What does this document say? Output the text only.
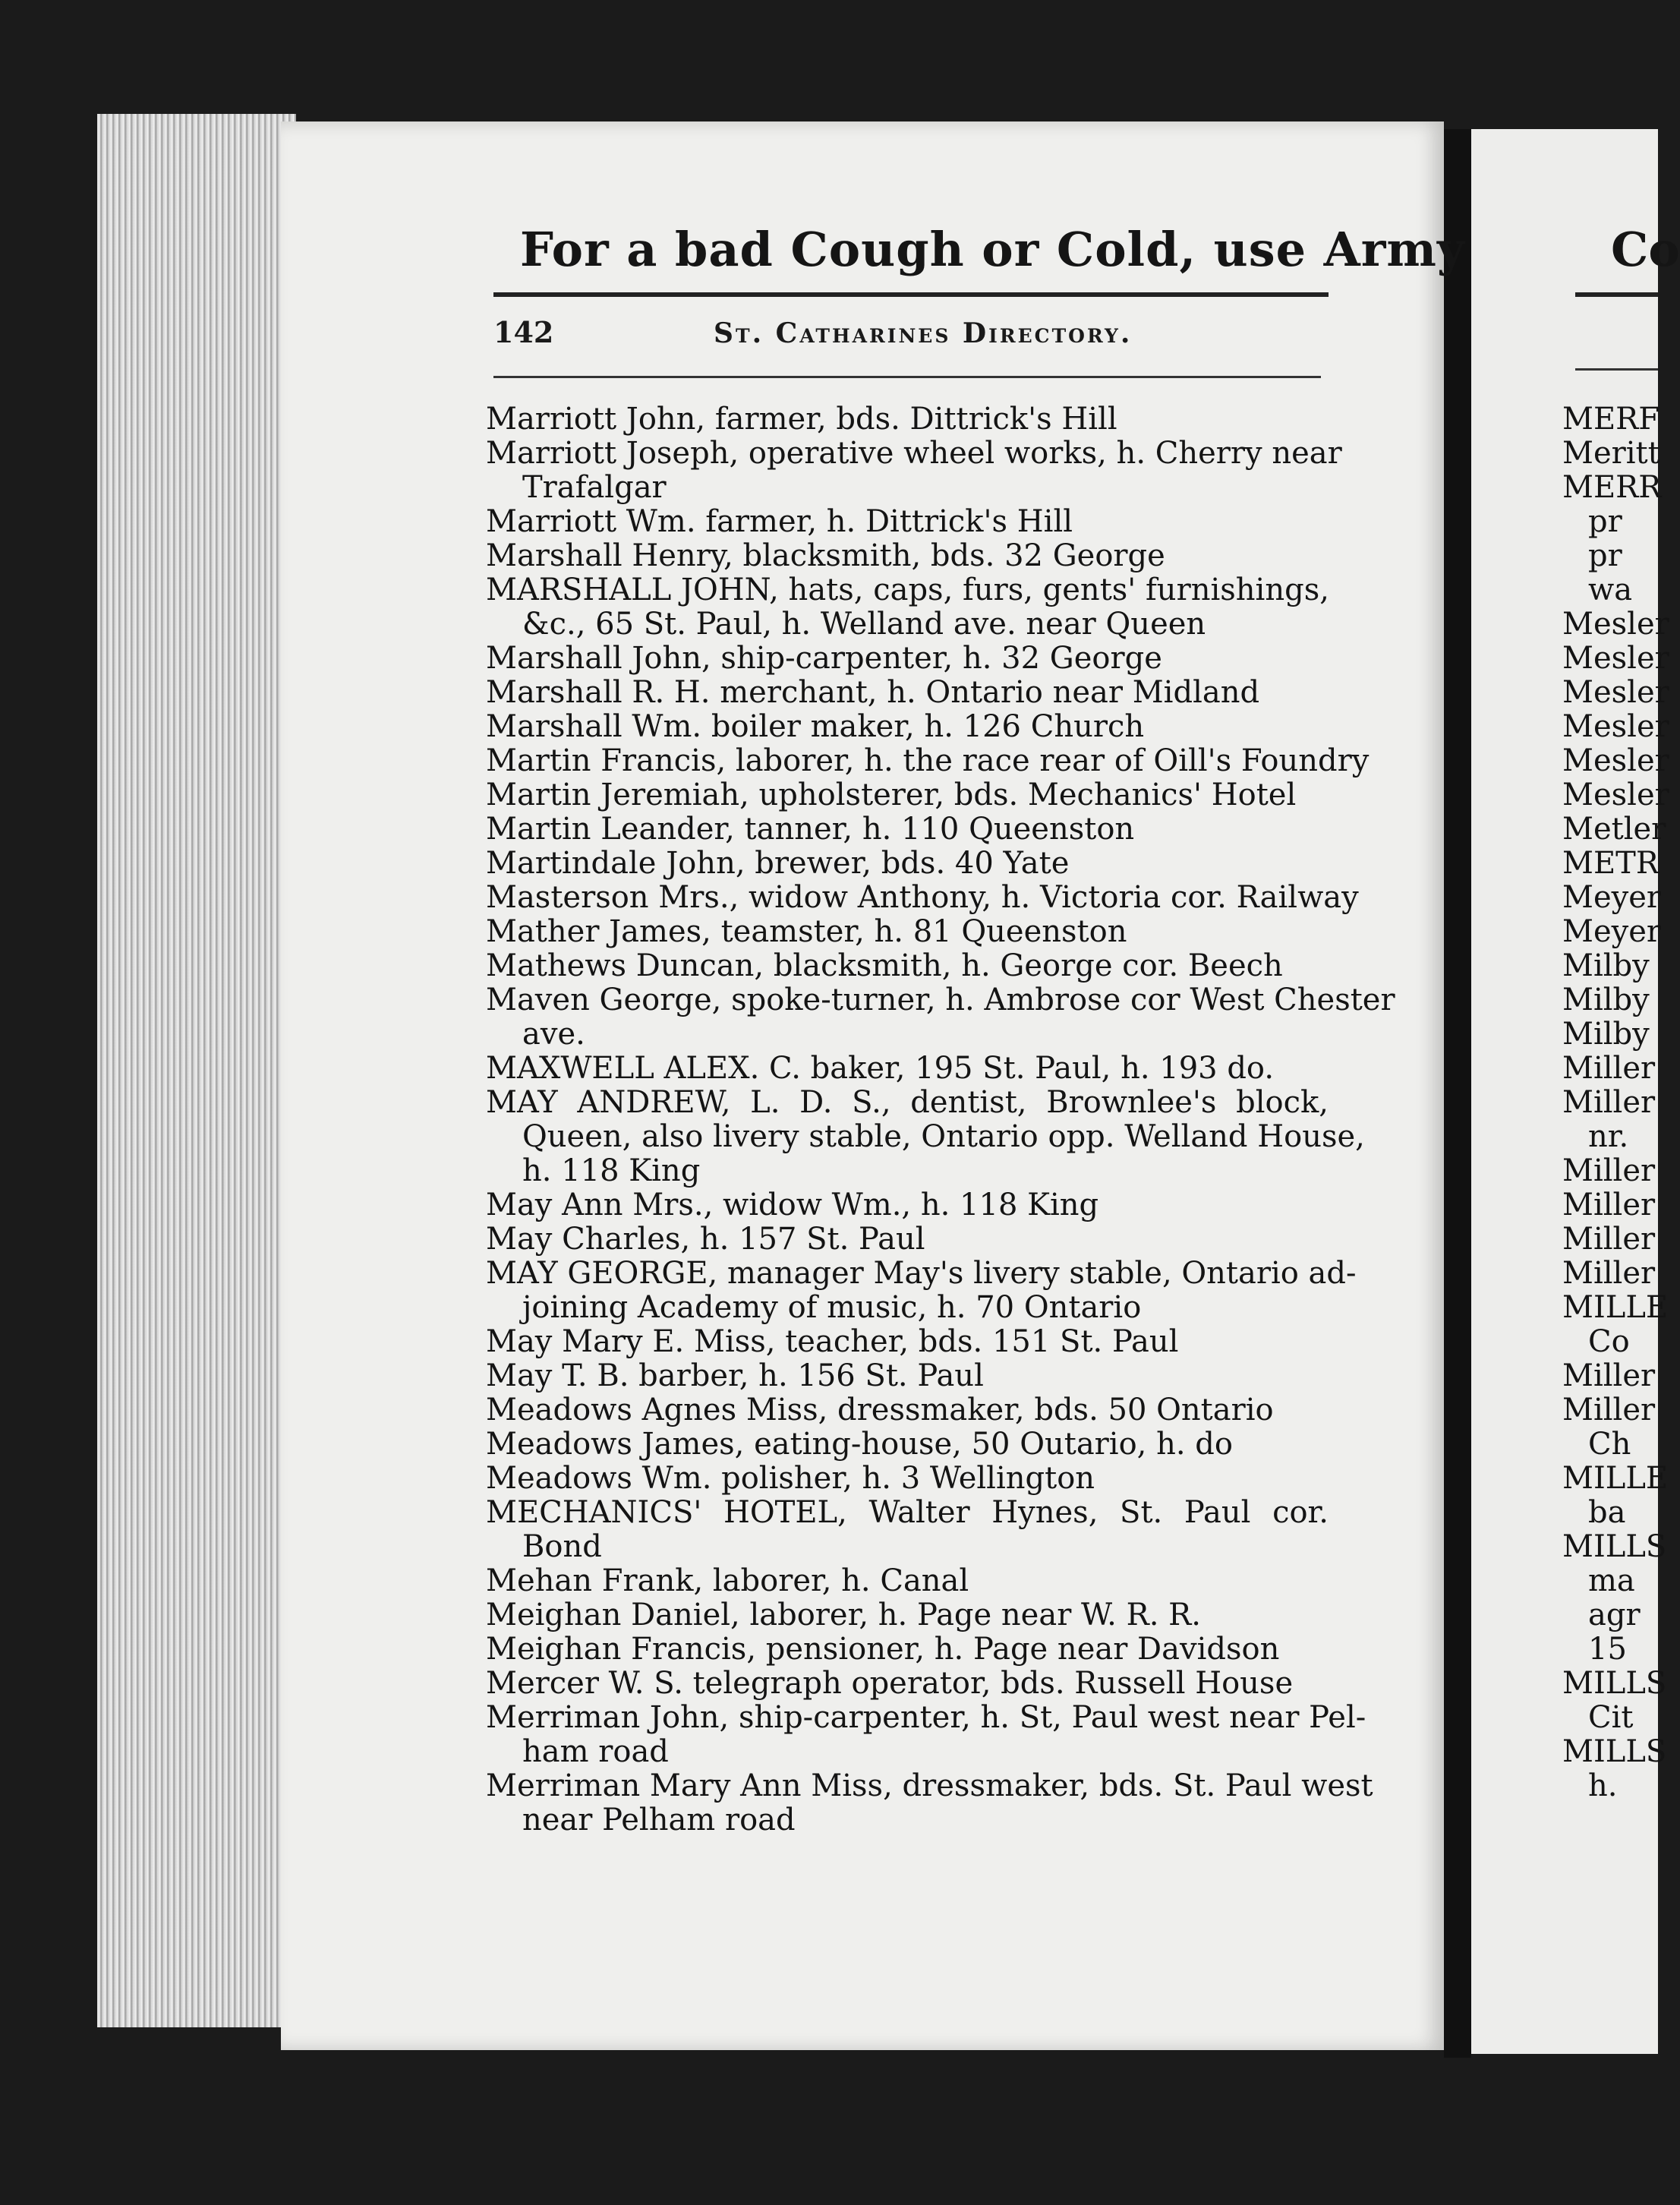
For a bad Cough or Cold, use Army
142	St. Catharines Directory.
Marriott John, farmer, bds. Dittrick's Hill
Marriott Joseph, operative wheel works, h. Cherry near
Trafalgar
Marriott Wm. farmer, h. Dittrick's Hill
Marshall Henry, blacksmith, bds. 32 George
MARSHALL JOHN, hats, caps, furs, gents' furnishings,
&c., 65 St. Paul, h. Welland ave. near Queen
Marshall John, ship-carpenter, h. 32 George
Marshall R. H. merchant, h. Ontario near Midland
Marshall Wm. boiler maker, h. 126 Church
Martin Francis, laborer, h. the race rear of Oill's Foundry
Martin Jeremiah, upholsterer, bds. Mechanics' Hotel
Martin Leander, tanner, h. 110 Queenston
Martindale John, brewer, bds. 40 Yate
Masterson Mrs., widow Anthony, h. Victoria cor. Railway
Mather James, teamster, h. 81 Queenston
Mathews Duncan, blacksmith, h. George cor. Beech
Maven George, spoke-turner, h. Ambrose cor West Chester
ave.
MAXWELL ALEX. C. baker, 195 St. Paul, h. 193 do.
MAY ANDREW, L. D. S., dentist, Brownlee's block,
Queen, also livery stable, Ontario opp. Welland House,
h. 118 King
May Ann Mrs., widow Wm., h. 118 King
May Charles, h. 157 St. Paul
MAY GEORGE, manager May's livery stable, Ontario ad-
joining Academy of music, h. 70 Ontario
May Mary E. Miss, teacher, bds. 151 St. Paul
May T. B. barber, h. 156 St. Paul
Meadows Agnes Miss, dressmaker, bds. 50 Ontario
Meadows James, eating-house, 50 Outario, h. do
Meadows Wm. polisher, h. 3 Wellington
MECHANICS' HOTEL, Walter Hynes, St. Paul cor.
Bond
Mehan Frank, laborer, h. Canal
Meighan Daniel, laborer, h. Page near W. R. R.
Meighan Francis, pensioner, h. Page near Davidson
Mercer W. S. telegraph operator, bds. Russell House
Merriman John, ship-carpenter, h. St, Paul west near Pel-
ham road
Merriman Mary Ann Miss, dressmaker, bds. St. Paul west
near Pelham road
Co
MERF
Meritt
MERR
pr
pr
wa
Mesler
Mesler
Mesler
Mesler
Mesler
Mesler
Metler
METR
Meyer
Meyer
Milby
Milby
Milby
Miller
Miller
nr.
Miller
Miller
Miller
Miller
MILLE
Co
Miller
Miller
Ch
MILLE
ba
MILLS
ma
agr
15
MILLS
Cit
MILLS
h.
